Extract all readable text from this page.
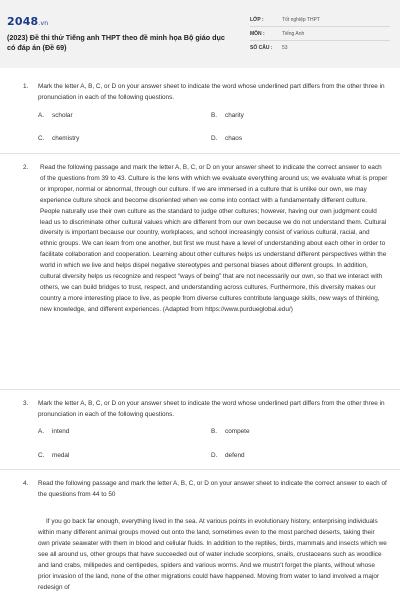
2048.vn
(2023) Đề thi thử Tiếng anh THPT theo đề minh họa Bộ giáo dục có đáp án (Đề 69)
LỚP :	Tốt nghiệp THPT
MÔN :	Tiếng Anh
SỐ CÂU :	53
1. Mark the letter A, B, C, or D on your answer sheet to indicate the word whose underlined part differs from the other three in pronunciation in each of the following questions.
A. scholar	B. charity
C. chemistry	D. chaos
2. Read the following passage and mark the letter A, B, C, or D on your answer sheet to indicate the correct answer to each of the questions from 39 to 43. Culture is the lens with which we evaluate everything around us; we evaluate what is proper or improper, normal or abnormal, through our culture. If we are immersed in a culture that is unlike our own, we may experience culture shock and become disoriented when we come into contact with a fundamentally different culture. People naturally use their own culture as the standard to judge other cultures; however, having our own judgment could lead us to discriminate other cultural values which are different from our own because we do not understand them. Cultural diversity is important because our country, workplaces, and school increasingly consist of various cultural, racial, and ethnic groups. We can learn from one another, but first we must have a level of understanding about each other in order to facilitate collaboration and cooperation. Learning about other cultures helps us understand different perspectives within the world in which we live and helps dispel negative stereotypes and personal biases about different groups. In addition, cultural diversity helps us recognize and respect “ways of being” that are not necessarily our own, so that we interact with others, we can build bridges to trust, respect, and understanding across cultures. Furthermore, this diversity makes our country a more interesting place to live, as people from diverse cultures contribute language skills, new ways of thinking, new knowledge, and different experiences. (Adapted from https://www.purdueglobal.edu/)
3. Mark the letter A, B, C, or D on your answer sheet to indicate the word whose underlined part differs from the other three in pronunciation in each of the following questions.
A. intend	B. compete
C. medal	D. defend
4. Read the following passage and mark the letter A, B, C, or D on your answer sheet to indicate the correct answer to each of the questions from 44 to 50
If you go back far enough, everything lived in the sea. At various points in evolutionary history, enterprising individuals within many different animal groups moved out onto the land, sometimes even to the most parched deserts, taking their own private seawater with them in blood and cellular fluids. In addition to the reptiles, birds, mammals and insects which we see all around us, other groups that have succeeded out of water include scorpions, snails, crustaceans such as woodlice and land crabs, millipedes and centipedes, spiders and various worms. And we mustn't forget the plants, without whose prior invasion of the land, none of the other migrations could have happened. Moving from water to land involved a major redesign of
